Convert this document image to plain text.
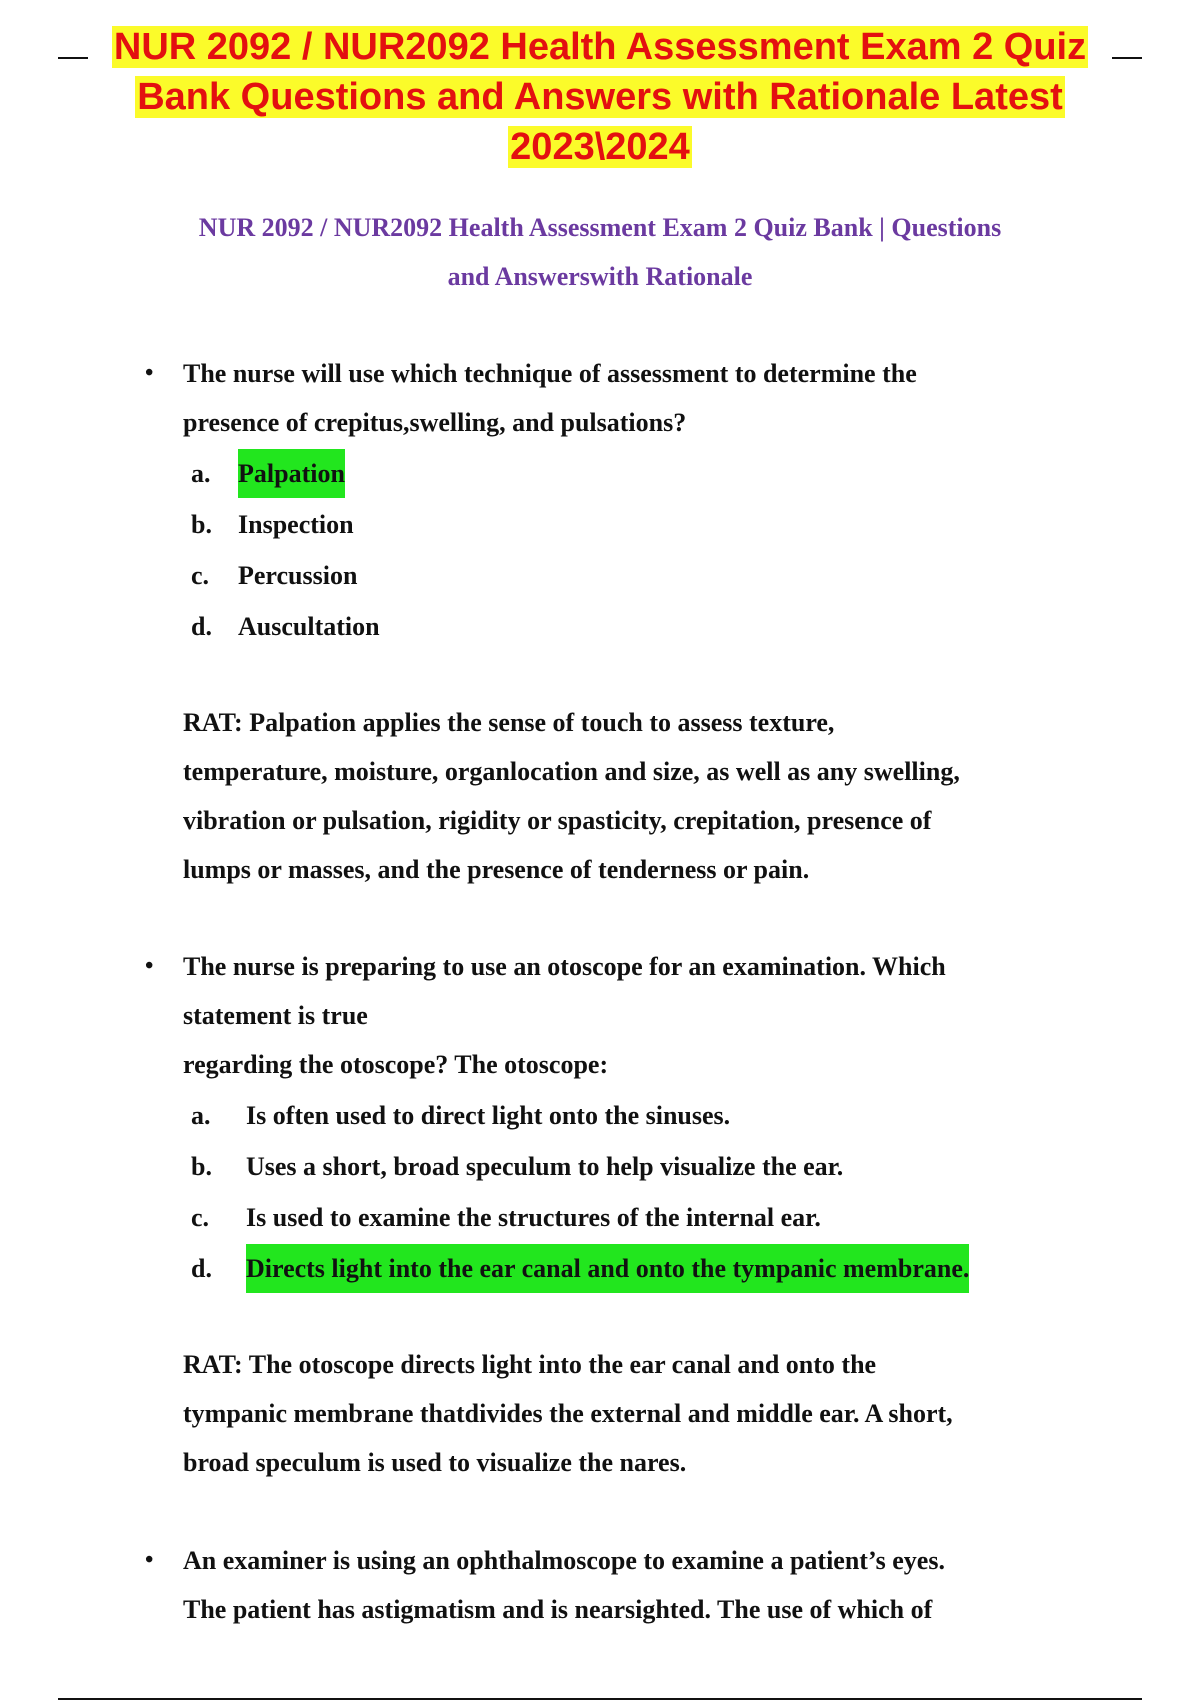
NUR 2092 / NUR2092 Health Assessment Exam 2 Quiz
Bank Questions and Answers with Rationale Latest
2023\2024
NUR 2092 / NUR2092 Health Assessment Exam 2 Quiz Bank | Questions
and Answerswith Rationale
• The nurse will use which technique of assessment to determine the
presence of crepitus,swelling, and pulsations?
a. Palpation
b. Inspection
c. Percussion
d. Auscultation
RAT: Palpation applies the sense of touch to assess texture,
temperature, moisture, organlocation and size, as well as any swelling,
vibration or pulsation, rigidity or spasticity, crepitation, presence of
lumps or masses, and the presence of tenderness or pain.
• The nurse is preparing to use an otoscope for an examination. Which
statement is true
regarding the otoscope? The otoscope:
a. Is often used to direct light onto the sinuses.
b. Uses a short, broad speculum to help visualize the ear.
c. Is used to examine the structures of the internal ear.
d. Directs light into the ear canal and onto the tympanic membrane.
RAT: The otoscope directs light into the ear canal and onto the
tympanic membrane thatdivides the external and middle ear. A short,
broad speculum is used to visualize the nares.
• An examiner is using an ophthalmoscope to examine a patient’s eyes.
The patient has astigmatism and is nearsighted. The use of which of
